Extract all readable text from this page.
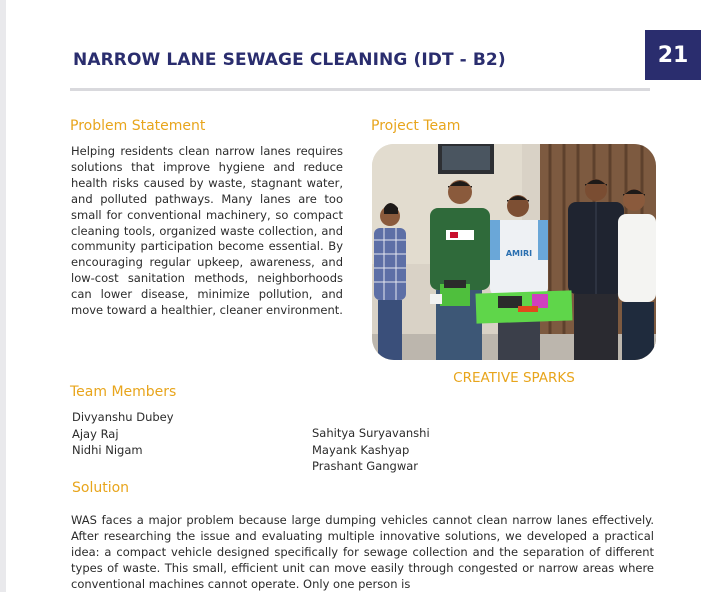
NARROW LANE SEWAGE CLEANING (IDT - B2)	21
Problem Statement

Helping residents clean narrow lanes requires solutions that improve hygiene and reduce health risks caused by waste, stagnant water, and polluted pathways. Many lanes are too small for conventional machinery, so compact cleaning tools, organized waste collection, and community participation become essential. By encouraging regular upkeep, awareness, and low-cost sanitation methods, neighborhoods can lower disease, minimize pollution, and move toward a healthier, cleaner environment.

Project Team
AMIRI

CREATIVE SPARKS

Team Members

Divyanshu Dubey

Ajay Raj

Nidhi Nigam

Sahitya Suryavanshi

Mayank Kashyap

Prashant Gangwar

Solution

WAS faces a major problem because large dumping vehicles cannot clean narrow lanes effectively. After researching the issue and evaluating multiple innovative solutions, we developed a practical idea: a compact vehicle designed specifically for sewage collection and the separation of different types of waste. This small, efficient unit can move easily through congested or narrow areas where conventional machines cannot operate. Only one person is
